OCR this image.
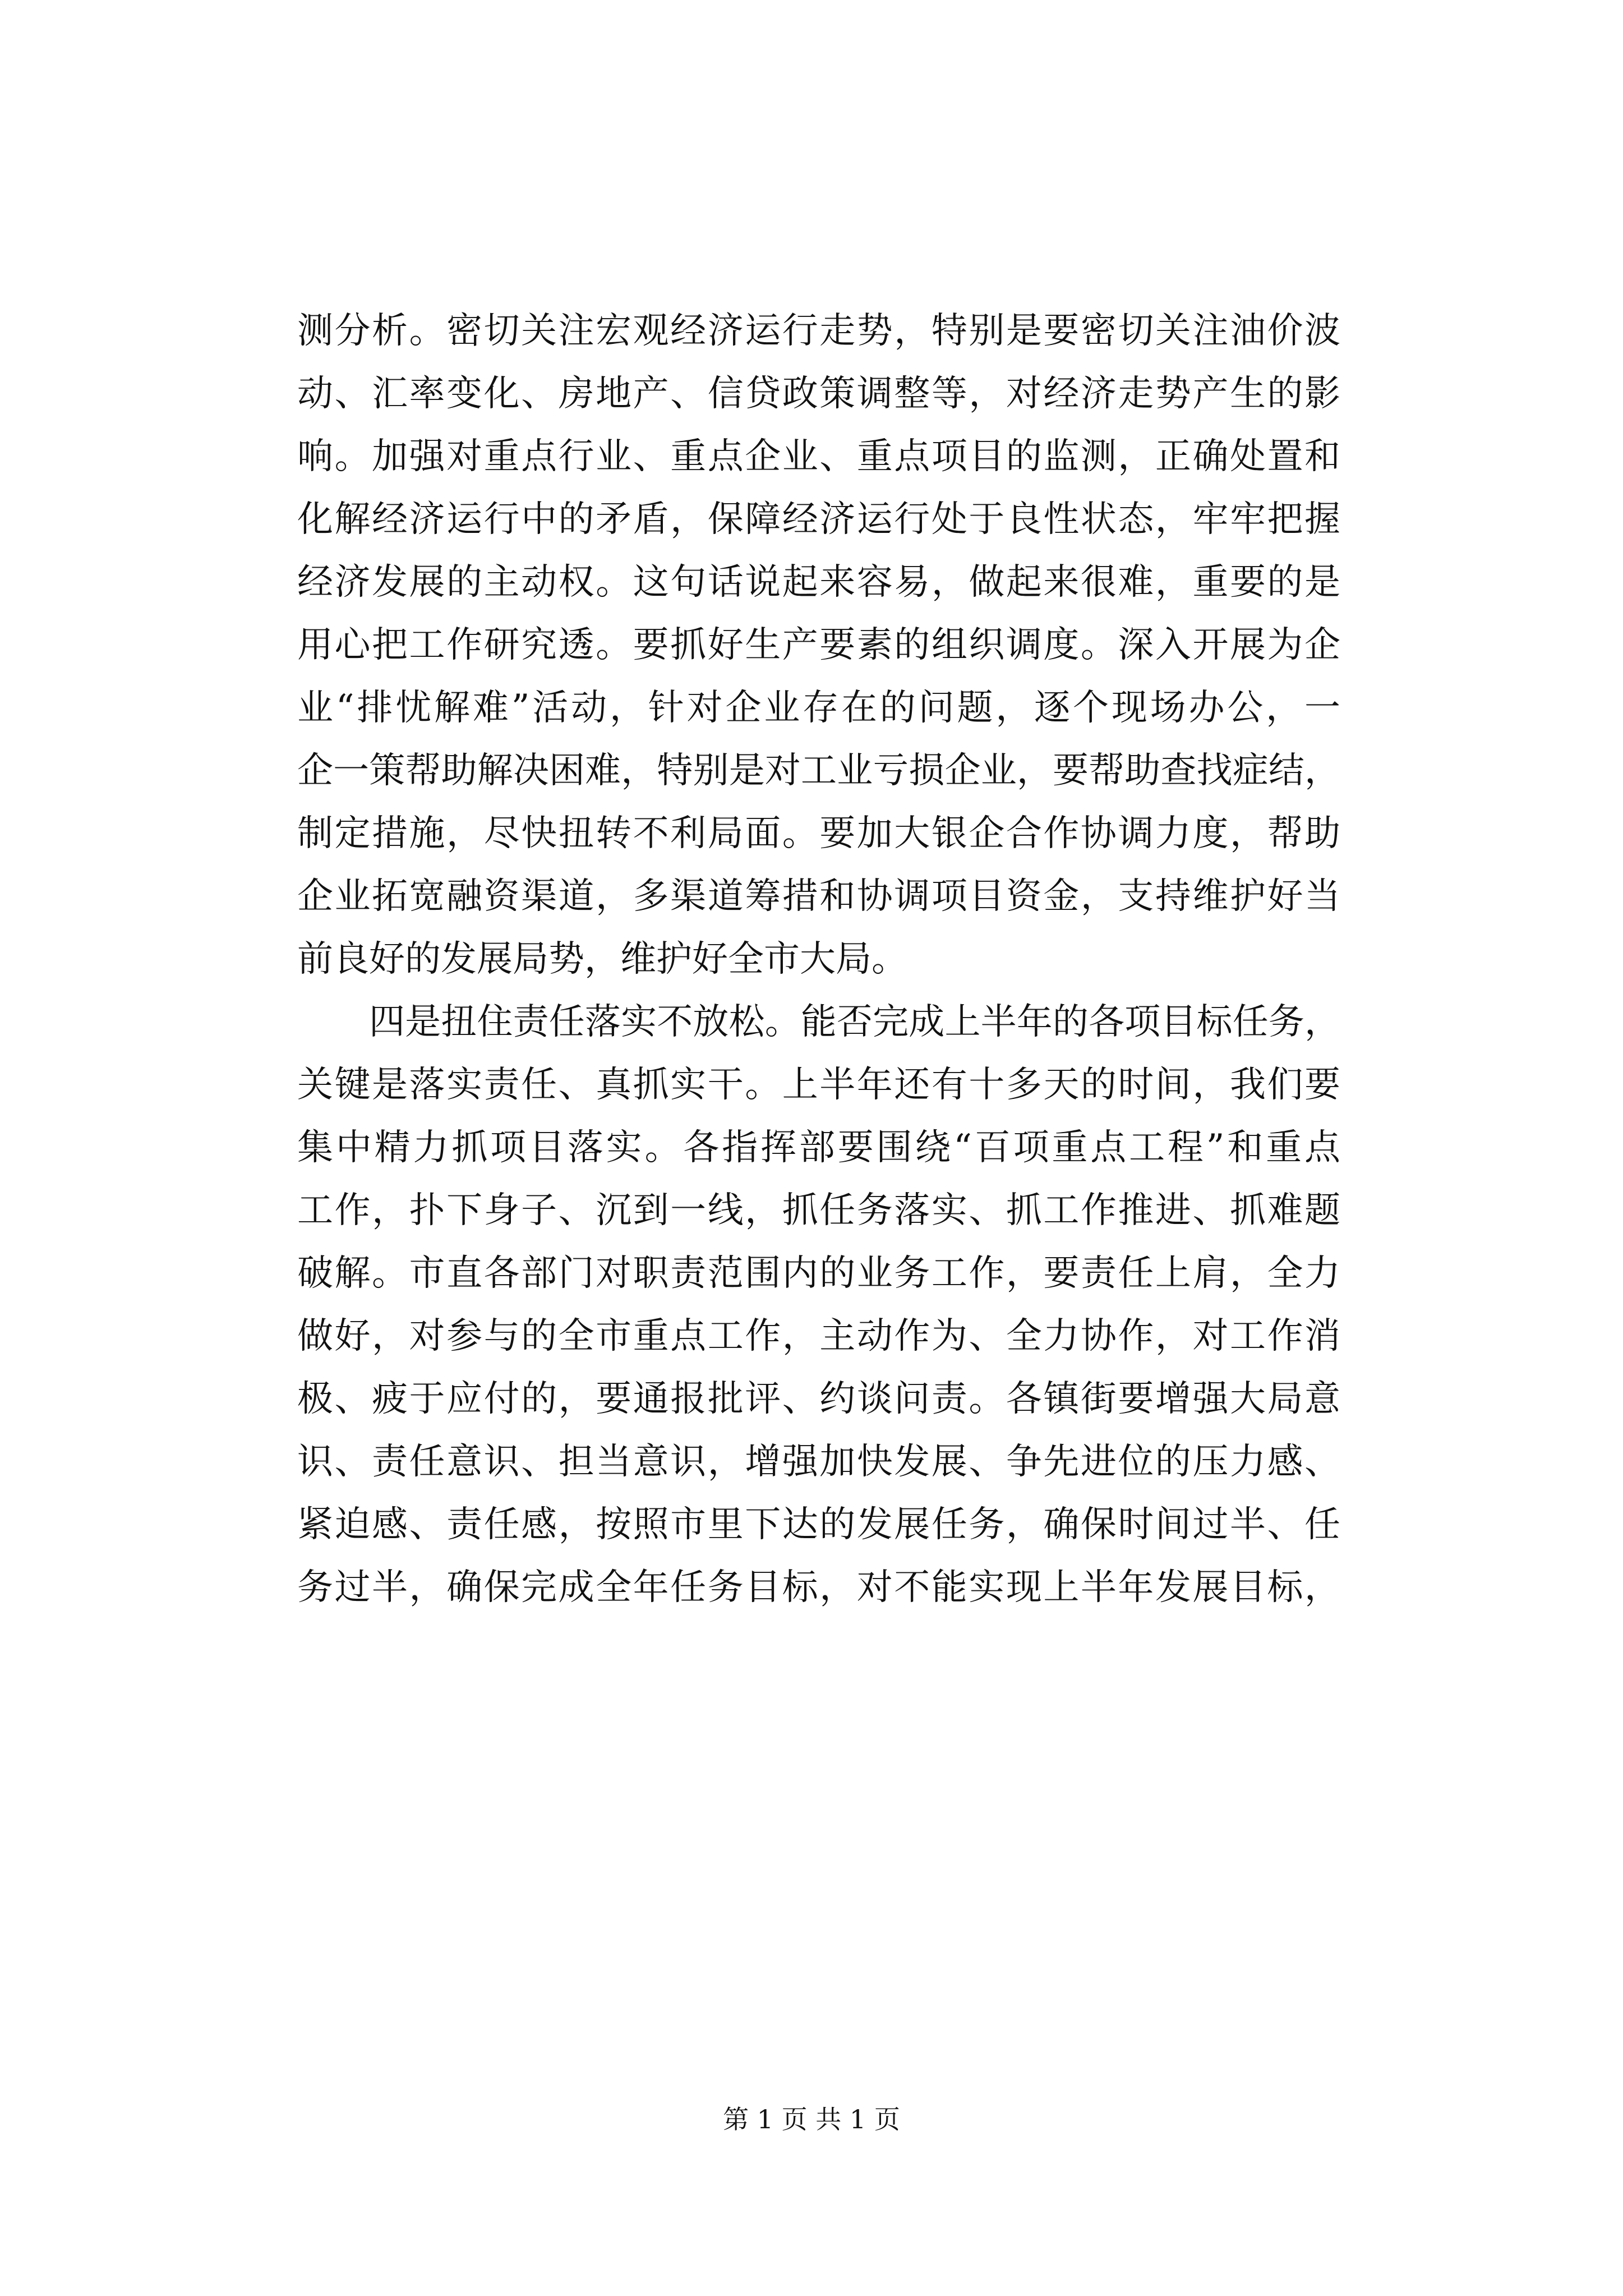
测分析。密切关注宏观经济运行走势，特别是要密切关注油价波
动、汇率变化、房地产、信贷政策调整等，对经济走势产生的影
响。加强对重点行业、重点企业、重点项目的监测，正确处置和
化解经济运行中的矛盾，保障经济运行处于良性状态，牢牢把握
经济发展的主动权。这句话说起来容易，做起来很难，重要的是
用心把工作研究透。要抓好生产要素的组织调度。深入开展为企
业“排忧解难”活动，针对企业存在的问题，逐个现场办公，一
企一策帮助解决困难，特别是对工业亏损企业，要帮助查找症结，
制定措施，尽快扭转不利局面。要加大银企合作协调力度，帮助
企业拓宽融资渠道，多渠道筹措和协调项目资金，支持维护好当
前良好的发展局势，维护好全市大局。
四是扭住责任落实不放松。能否完成上半年的各项目标任务，
关键是落实责任、真抓实干。上半年还有十多天的时间，我们要
集中精力抓项目落实。各指挥部要围绕“百项重点工程”和重点
工作，扑下身子、沉到一线，抓任务落实、抓工作推进、抓难题
破解。市直各部门对职责范围内的业务工作，要责任上肩，全力
做好，对参与的全市重点工作，主动作为、全力协作，对工作消
极、疲于应付的，要通报批评、约谈问责。各镇街要增强大局意
识、责任意识、担当意识，增强加快发展、争先进位的压力感、
紧迫感、责任感，按照市里下达的发展任务，确保时间过半、任
务过半，确保完成全年任务目标，对不能实现上半年发展目标，
第 1 页 共 1 页
